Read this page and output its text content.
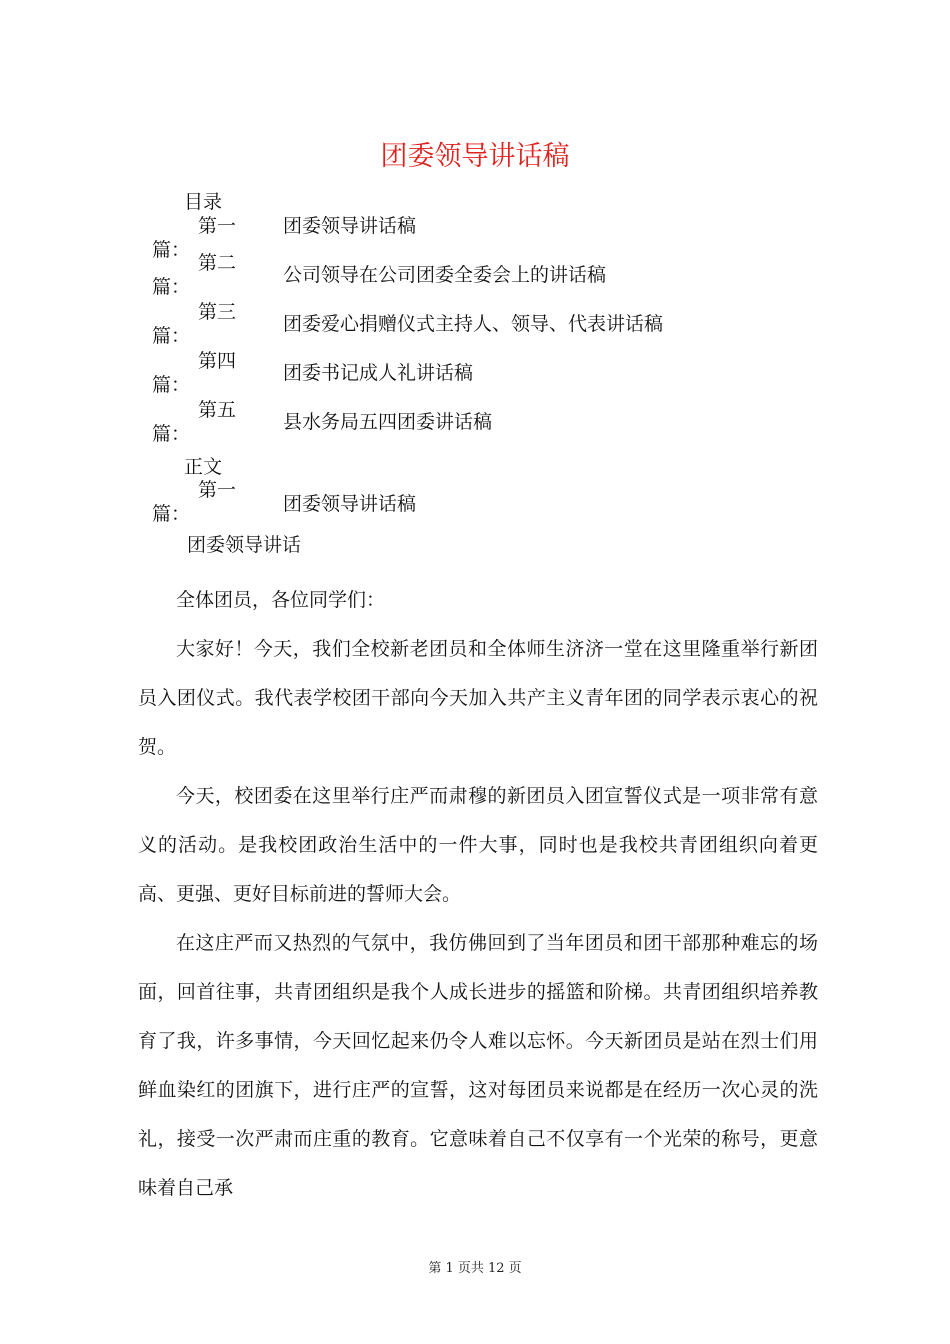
团委领导讲话稿
目录
第一
篇：
团委领导讲话稿
第二
篇：
公司领导在公司团委全委会上的讲话稿
第三
篇：
团委爱心捐赠仪式主持人、领导、代表讲话稿
第四
篇：
团委书记成人礼讲话稿
第五
篇：
县水务局五四团委讲话稿
正文
第一
篇：	团委领导讲话稿
团委领导讲话

全体团员，各位同学们：

大家好！今天，我们全校新老团员和全体师生济济一堂在这里隆重举行新团员入团仪式。我代表学校团干部向今天加入共产主义青年团的同学表示衷心的祝贺。

今天，校团委在这里举行庄严而肃穆的新团员入团宣誓仪式是一项非常有意义的活动。是我校团政治生活中的一件大事，同时也是我校共青团组织向着更高、更强、更好目标前进的誓师大会。

在这庄严而又热烈的气氛中，我仿佛回到了当年团员和团干部那种难忘的场面，回首往事，共青团组织是我个人成长进步的摇篮和阶梯。共青团组织培养教育了我，许多事情，今天回忆起来仍令人难以忘怀。今天新团员是站在烈士们用鲜血染红的团旗下，进行庄严的宣誓，这对每团员来说都是在经历一次心灵的洗礼，接受一次严肃而庄重的教育。它意味着自己不仅享有一个光荣的称号，更意味着自己承

第 1 页共 12 页
